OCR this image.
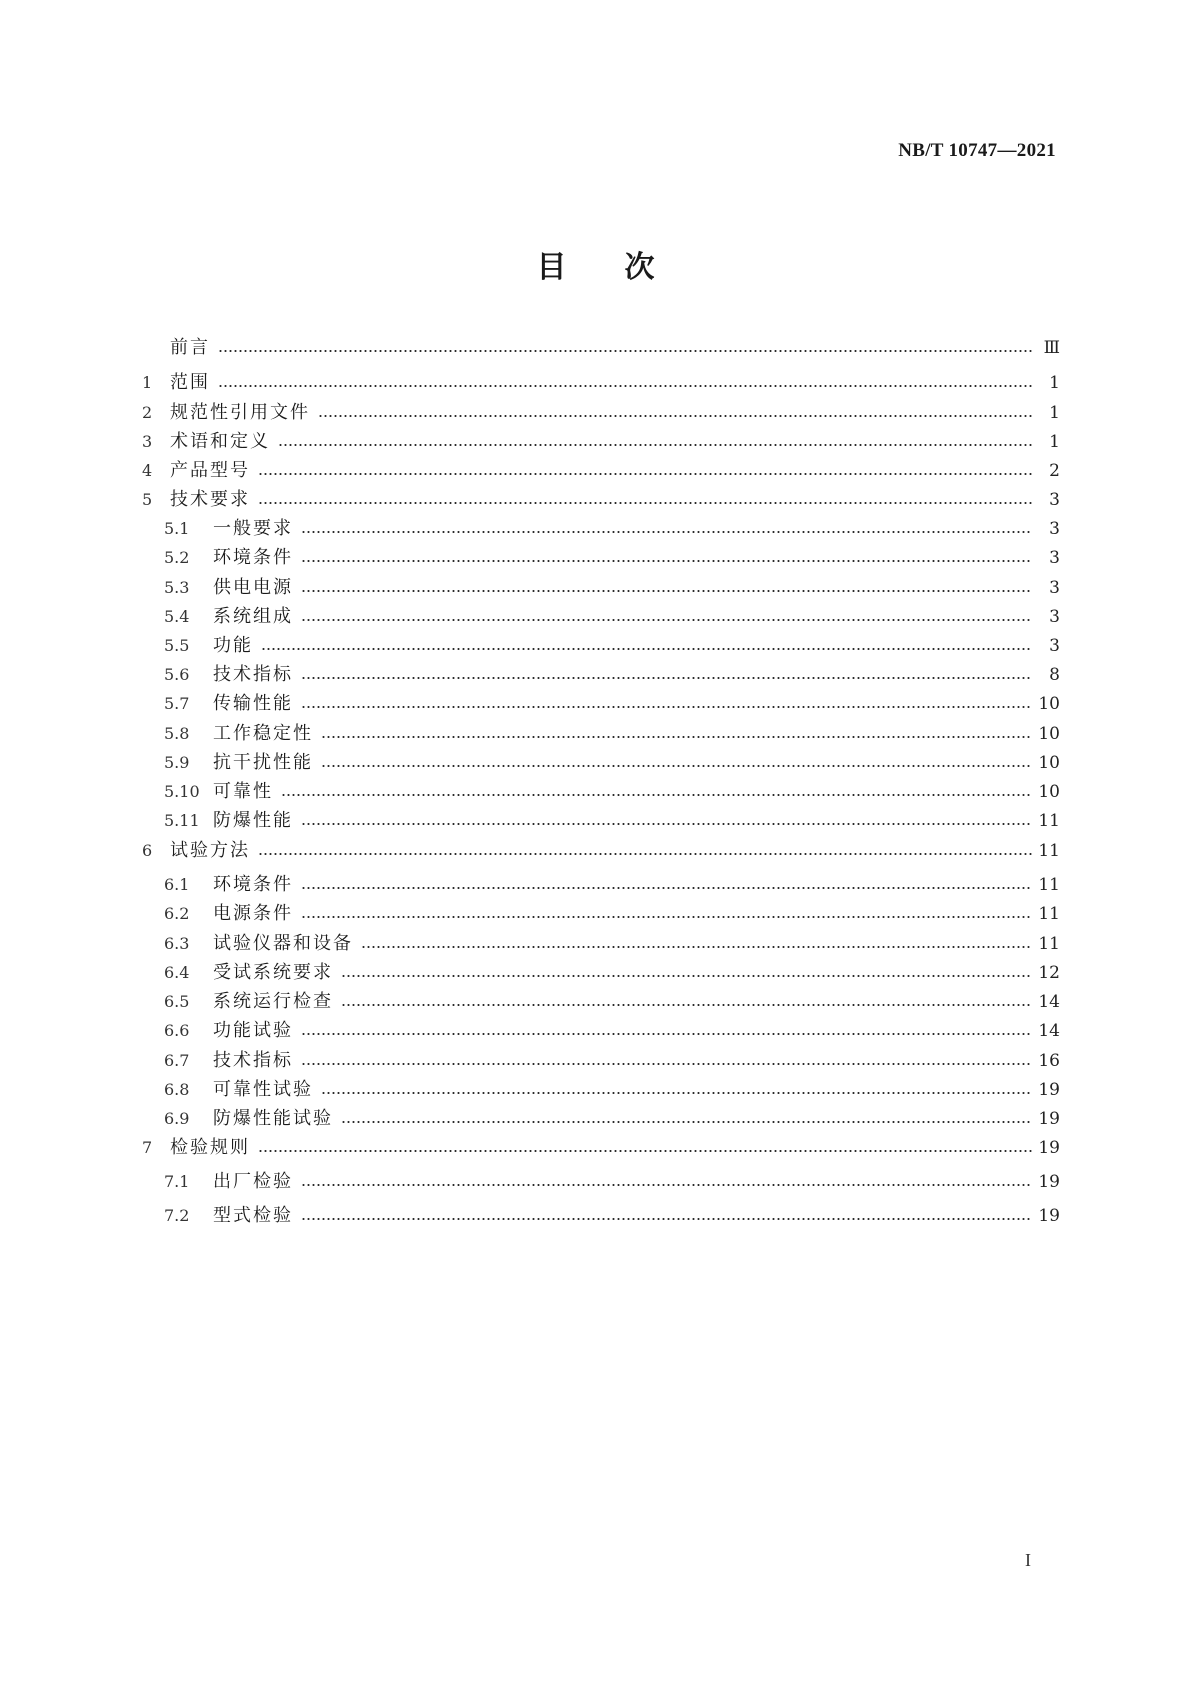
NB/T 10747—2021
目次
前言	Ⅲ
1 范围	1
2 规范性引用文件	1
3 术语和定义	1
4 产品型号	2
5 技术要求	3
5.1	一般要求	3
5.2	环境条件	3
5.3	供电电源	3
5.4	系统组成	3
5.5	功能	3
5.6	技术指标	8
5.7	传输性能	10
5.8	工作稳定性	10
5.9	抗干扰性能	10
5.10 可靠性	10
5.11 防爆性能	11
6 试验方法	11
6.1	环境条件	11
6.2	电源条件	11
6.3	试验仪器和设备	11
6.4	受试系统要求	12
6.5	系统运行检查	14
6.6	功能试验	14
6.7	技术指标	16
6.8	可靠性试验	19
6.9	防爆性能试验	19
7 检验规则	19
7.1	出厂检验	19
7.2	型式检验	19
I
